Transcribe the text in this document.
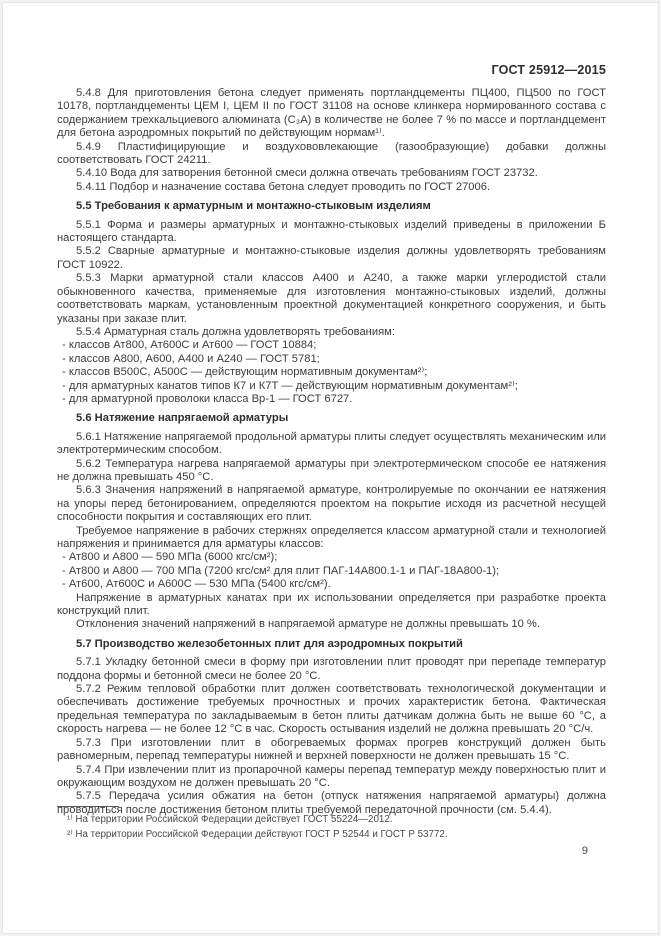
ГОСТ 25912—2015

5.4.8 Для приготовления бетона следует применять портландцементы ПЦ400, ПЦ500 по ГОСТ 10178, портландцементы ЦЕМ I, ЦЕМ II по ГОСТ 31108 на основе клинкера нормированного состава с содержанием трехкальциевого алюмината (С₃А) в количестве не более 7 % по массе и портландцемент для бетона аэродромных покрытий по действующим нормам¹⁾.

5.4.9 Пластифицирующие и воздухововлекающие (газообразующие) добавки должны соответствовать ГОСТ 24211.

5.4.10 Вода для затворения бетонной смеси должна отвечать требованиям ГОСТ 23732.

5.4.11 Подбор и назначение состава бетона следует проводить по ГОСТ 27006.

5.5 Требования к арматурным и монтажно-стыковым изделиям

5.5.1 Форма и размеры арматурных и монтажно-стыковых изделий приведены в приложении Б настоящего стандарта.

5.5.2 Сварные арматурные и монтажно-стыковые изделия должны удовлетворять требованиям ГОСТ 10922.

5.5.3 Марки арматурной стали классов А400 и А240, а также марки углеродистой стали обыкновенного качества, применяемые для изготовления монтажно-стыковых изделий, должны соответствовать маркам, установленным проектной документацией конкретного сооружения, и быть указаны при заказе плит.

5.5.4 Арматурная сталь должна удовлетворять требованиям:

- классов Ат800, Ат600С и Ат600 — ГОСТ 10884;

- классов А800, А600, А400 и А240 — ГОСТ 5781;

- классов В500С, А500С — действующим нормативным документам²⁾;

- для арматурных канатов типов К7 и К7Т — действующим нормативным документам²⁾;

- для арматурной проволоки класса Вр-1 — ГОСТ 6727.

5.6 Натяжение напрягаемой арматуры

5.6.1 Натяжение напрягаемой продольной арматуры плиты следует осуществлять механическим или электротермическим способом.

5.6.2 Температура нагрева напрягаемой арматуры при электротермическом способе ее натяжения не должна превышать 450 °С.

5.6.3 Значения напряжений в напрягаемой арматуре, контролируемые по окончании ее натяжения на упоры перед бетонированием, определяются проектом на покрытие исходя из расчетной несущей способности покрытия и составляющих его плит.

Требуемое напряжение в рабочих стержнях определяется классом арматурной стали и технологией напряжения и принимается для арматуры классов:

- Ат800 и А800 — 590 МПа (6000 кгс/см²);

- Ат800 и А800 — 700 МПа (7200 кгс/см² для плит ПАГ-14А800.1-1 и ПАГ-18А800-1);

- Ат600, Ат600С и А600С — 530 МПа (5400 кгс/см²).

Напряжение в арматурных канатах при их использовании определяется при разработке проекта конструкций плит.

Отклонения значений напряжений в напрягаемой арматуре не должны превышать 10 %.

5.7 Производство железобетонных плит для аэродромных покрытий

5.7.1 Укладку бетонной смеси в форму при изготовлении плит проводят при перепаде температур поддона формы и бетонной смеси не более 20 °С.

5.7.2 Режим тепловой обработки плит должен соответствовать технологической документации и обеспечивать достижение требуемых прочностных и прочих характеристик бетона. Фактическая предельная температура по закладываемым в бетон плиты датчикам должна быть не выше 60 °С, а скорость нагрева — не более 12 °С в час. Скорость остывания изделий не должна превышать 20 °С/ч.

5.7.3 При изготовлении плит в обогреваемых формах прогрев конструкций должен быть равномерным, перепад температуры нижней и верхней поверхности не должен превышать 15 °С.

5.7.4 При извлечении плит из пропарочной камеры перепад температур между поверхностью плит и окружающим воздухом не должен превышать 20 °С.

5.7.5 Передача усилия обжатия на бетон (отпуск натяжения напрягаемой арматуры) должна проводиться после достижения бетоном плиты требуемой передаточной прочности (см. 5.4.4).

¹⁾ На территории Российской Федерации действует ГОСТ 55224—2012.

²⁾ На территории Российской Федерации действуют ГОСТ Р 52544 и ГОСТ Р 53772.

9
